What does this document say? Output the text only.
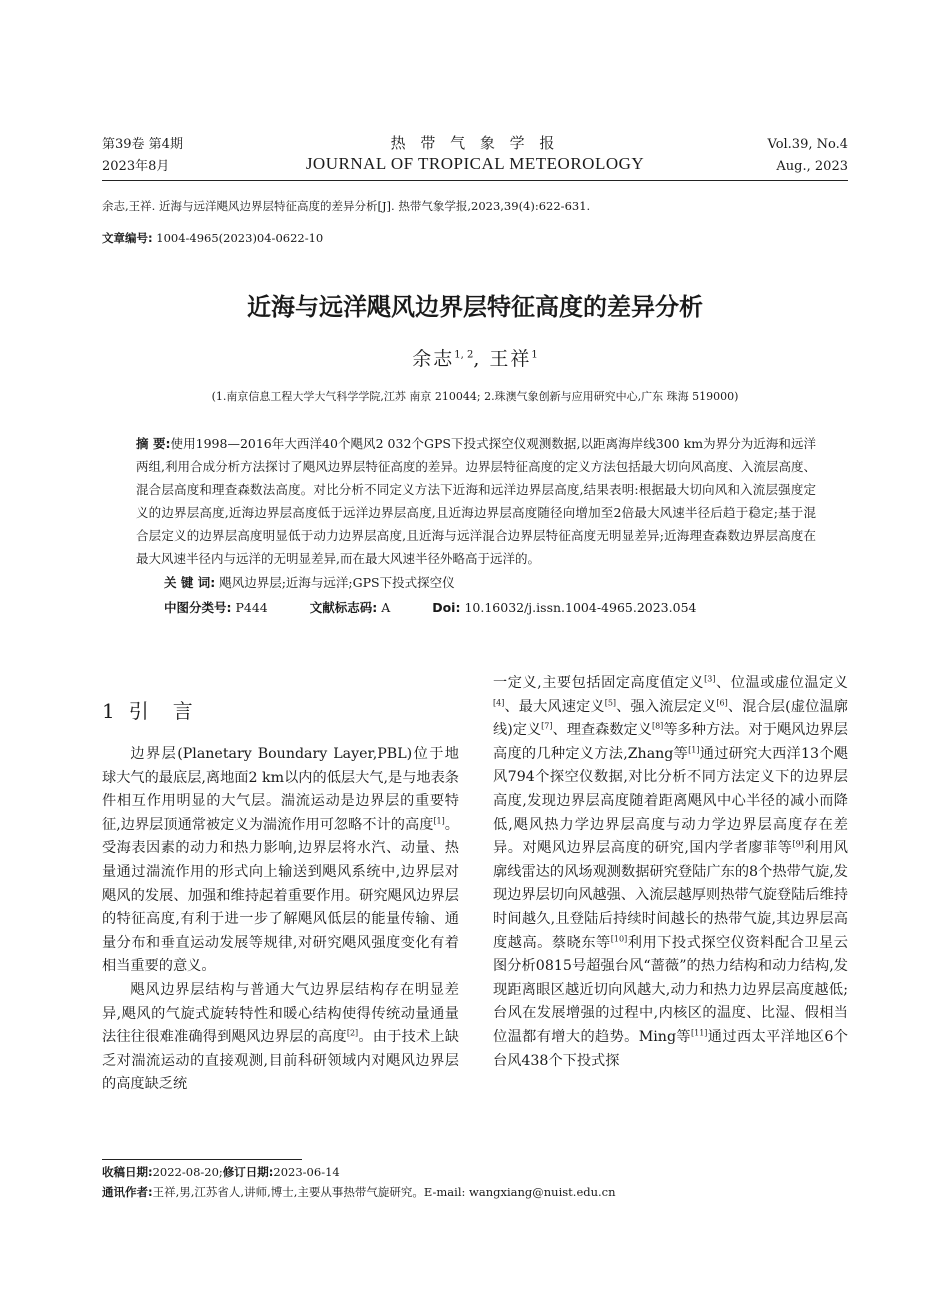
第39卷 第4期
2023年8月
热 带 气 象 学 报
JOURNAL OF TROPICAL METEOROLOGY
Vol.39, No.4
Aug., 2023
余志,王祥. 近海与远洋飓风边界层特征高度的差异分析[J]. 热带气象学报,2023,39(4):622-631.
文章编号: 1004-4965(2023)04-0622-10
近海与远洋飓风边界层特征高度的差异分析
余志$^{1, 2}$, 王祥$^1$
(1.南京信息工程大学大气科学学院,江苏 南京 210044; 2.珠澳气象创新与应用研究中心,广东 珠海 519000)
摘 要:使用1998—2016年大西洋40个飓风2 032个GPS下投式探空仪观测数据,以距离海岸线300 km为界分为近海和远洋两组,利用合成分析方法探讨了飓风边界层特征高度的差异。边界层特征高度的定义方法包括最大切向风高度、入流层高度、混合层高度和理查森数法高度。对比分析不同定义方法下近海和远洋边界层高度,结果表明:根据最大切向风和入流层强度定义的边界层高度,近海边界层高度低于远洋边界层高度,且近海边界层高度随径向增加至2倍最大风速半径后趋于稳定;基于混合层定义的边界层高度明显低于动力边界层高度,且近海与远洋混合边界层特征高度无明显差异;近海理查森数边界层高度在最大风速半径内与远洋的无明显差异,而在最大风速半径外略高于远洋的。
关 键 词: 飓风边界层;近海与远洋;GPS下投式探空仪
中图分类号: P444	文献标志码: A	Doi: 10.16032/j.issn.1004-4965.2023.054
1 引言

边界层(Planetary Boundary Layer,PBL)位于地球大气的最底层,离地面2 km以内的低层大气,是与地表条件相互作用明显的大气层。湍流运动是边界层的重要特征,边界层顶通常被定义为湍流作用可忽略不计的高度[1]。受海表因素的动力和热力影响,边界层将水汽、动量、热量通过湍流作用的形式向上输送到飓风系统中,边界层对飓风的发展、加强和维持起着重要作用。研究飓风边界层的特征高度,有利于进一步了解飓风低层的能量传输、通量分布和垂直运动发展等规律,对研究飓风强度变化有着相当重要的意义。

飓风边界层结构与普通大气边界层结构存在明显差异,飓风的气旋式旋转特性和暖心结构使得传统动量通量法往往很难准确得到飓风边界层的高度[2]。由于技术上缺乏对湍流运动的直接观测,目前科研领域内对飓风边界层的高度缺乏统

一定义,主要包括固定高度值定义[3]、位温或虚位温定义[4]、最大风速定义[5]、强入流层定义[6]、混合层(虚位温廓线)定义[7]、理查森数定义[8]等多种方法。对于飓风边界层高度的几种定义方法,Zhang等[1]通过研究大西洋13个飓风794个探空仪数据,对比分析不同方法定义下的边界层高度,发现边界层高度随着距离飓风中心半径的减小而降低,飓风热力学边界层高度与动力学边界层高度存在差异。对飓风边界层高度的研究,国内学者廖菲等[9]利用风廓线雷达的风场观测数据研究登陆广东的8个热带气旋,发现边界层切向风越强、入流层越厚则热带气旋登陆后维持时间越久,且登陆后持续时间越长的热带气旋,其边界层高度越高。蔡晓东等[10]利用下投式探空仪资料配合卫星云图分析0815号超强台风“蔷薇”的热力结构和动力结构,发现距离眼区越近切向风越大,动力和热力边界层高度越低;台风在发展增强的过程中,内核区的温度、比湿、假相当位温都有增大的趋势。Ming等[11]通过西太平洋地区6个台风438个下投式探

收稿日期:2022-08-20;修订日期:2023-06-14
通讯作者:王祥,男,江苏省人,讲师,博士,主要从事热带气旋研究。E-mail: wangxiang@nuist.edu.cn
